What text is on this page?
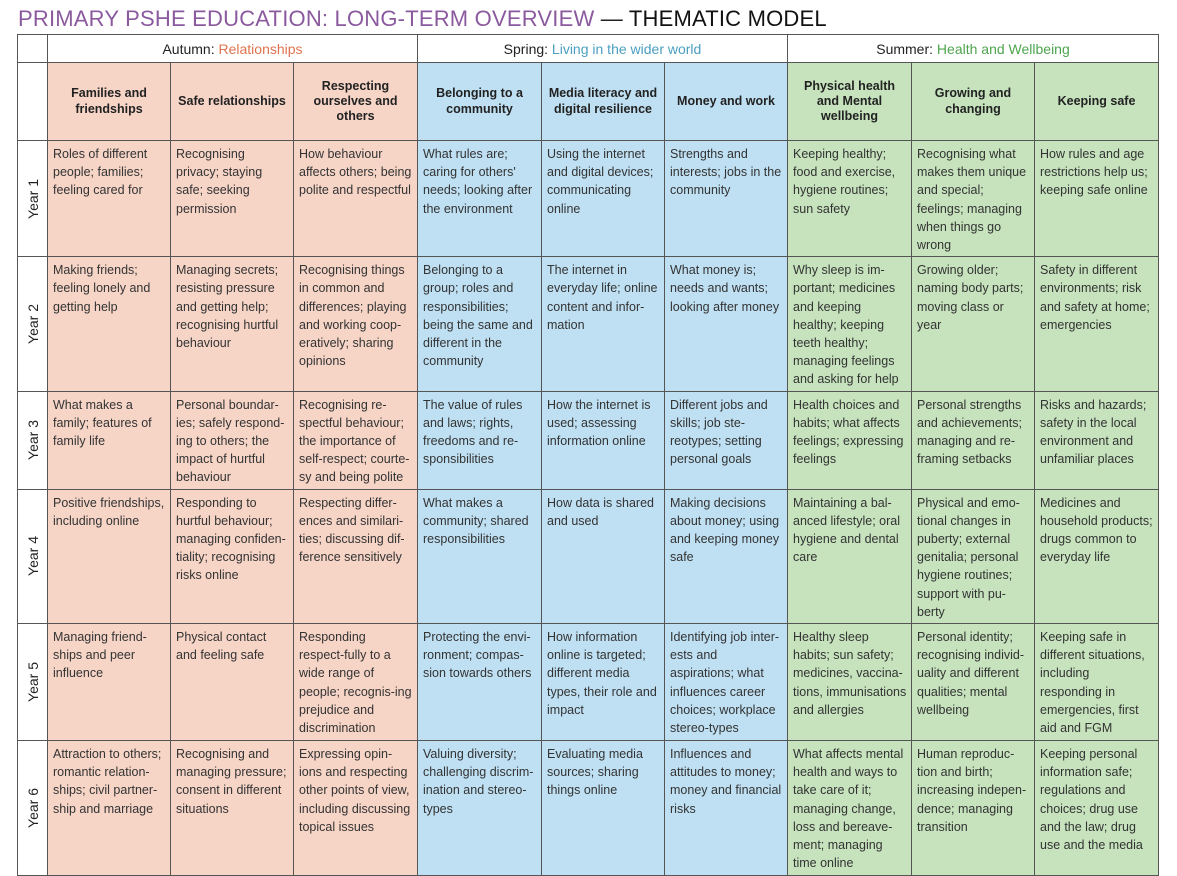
PRIMARY PSHE EDUCATION: LONG-TERM OVERVIEW — THEMATIC MODEL
	Autumn: Relationships			Spring: Living in the wider world			Summer: Health and Wellbeing		
	Families and friendships	Safe relationships	Respecting ourselves and others	Belonging to a community	Media literacy and digital resilience	Money and work	Physical health and Mental wellbeing	Growing and changing	Keeping safe

Year 1	Roles of different people; families; feeling cared for	Recognising privacy; staying safe; seeking permission	How behaviour affects others; being polite and respectful	What rules are; caring for others' needs; looking after the environment	Using the internet and digital devices; communicating online	Strengths and interests; jobs in the community	Keeping healthy; food and exercise, hygiene routines; sun safety	Recognising what makes them unique and special; feelings; managing when things go wrong	How rules and age restrictions help us; keeping safe online

Year 2	Making friends; feeling lonely and getting help	Managing secrets; resisting pressure and getting help; recognising hurtful behaviour	Recognising things in common and differences; playing and working coop-eratively; sharing opinions	Belonging to a group; roles and responsibilities; being the same and different in the community	The internet in everyday life; online content and infor-mation	What money is; needs and wants; looking after money	Why sleep is im-portant; medicines and keeping healthy; keeping teeth healthy; managing feelings and asking for help	Growing older; naming body parts; moving class or year	Safety in different environments; risk and safety at home; emergencies

Year 3	What makes a family; features of family life	Personal boundar-ies; safely respond-ing to others; the impact of hurtful behaviour	Recognising re-spectful behaviour; the importance of self-respect; courte-sy and being polite	The value of rules and laws; rights, freedoms and re-sponsibilities	How the internet is used; assessing information online	Different jobs and skills; job ste-reotypes; setting personal goals	Health choices and habits; what affects feelings; expressing feelings	Personal strengths and achievements; managing and re-framing setbacks	Risks and hazards; safety in the local environment and unfamiliar places

Year 4	Positive friendships, including online	Responding to hurtful behaviour; managing confiden-tiality; recognising risks online	Respecting differ-ences and similari-ties; discussing dif-ference sensitively	What makes a community; shared responsibilities	How data is shared and used	Making decisions about money; using and keeping money safe	Maintaining a bal-anced lifestyle; oral hygiene and dental care	Physical and emo-tional changes in puberty; external genitalia; personal hygiene routines; support with pu-berty	Medicines and household products; drugs common to everyday life

Year 5	Managing friend-ships and peer influence	Physical contact and feeling safe	Responding respect-fully to a wide range of people; recognis-ing prejudice and discrimination	Protecting the envi-ronment; compas-sion towards others	How information online is targeted; different media types, their role and impact	Identifying job inter-ests and aspirations; what influences career choices; workplace stereo-types	Healthy sleep habits; sun safety; medicines, vaccina-tions, immunisations and allergies	Personal identity; recognising individ-uality and different qualities; mental wellbeing	Keeping safe in different situations, including responding in emergencies, first aid and FGM

Year 6	Attraction to others; romantic relation-ships; civil partner-ship and marriage	Recognising and managing pressure; consent in different situations	Expressing opin-ions and respecting other points of view, including discussing topical issues	Valuing diversity; challenging discrim-ination and stereo-types	Evaluating media sources; sharing things online	Influences and attitudes to money; money and financial risks	What affects mental health and ways to take care of it; managing change, loss and bereave-ment; managing time online	Human reproduc-tion and birth; increasing indepen-dence; managing transition	Keeping personal information safe; regulations and choices; drug use and the law; drug use and the media
